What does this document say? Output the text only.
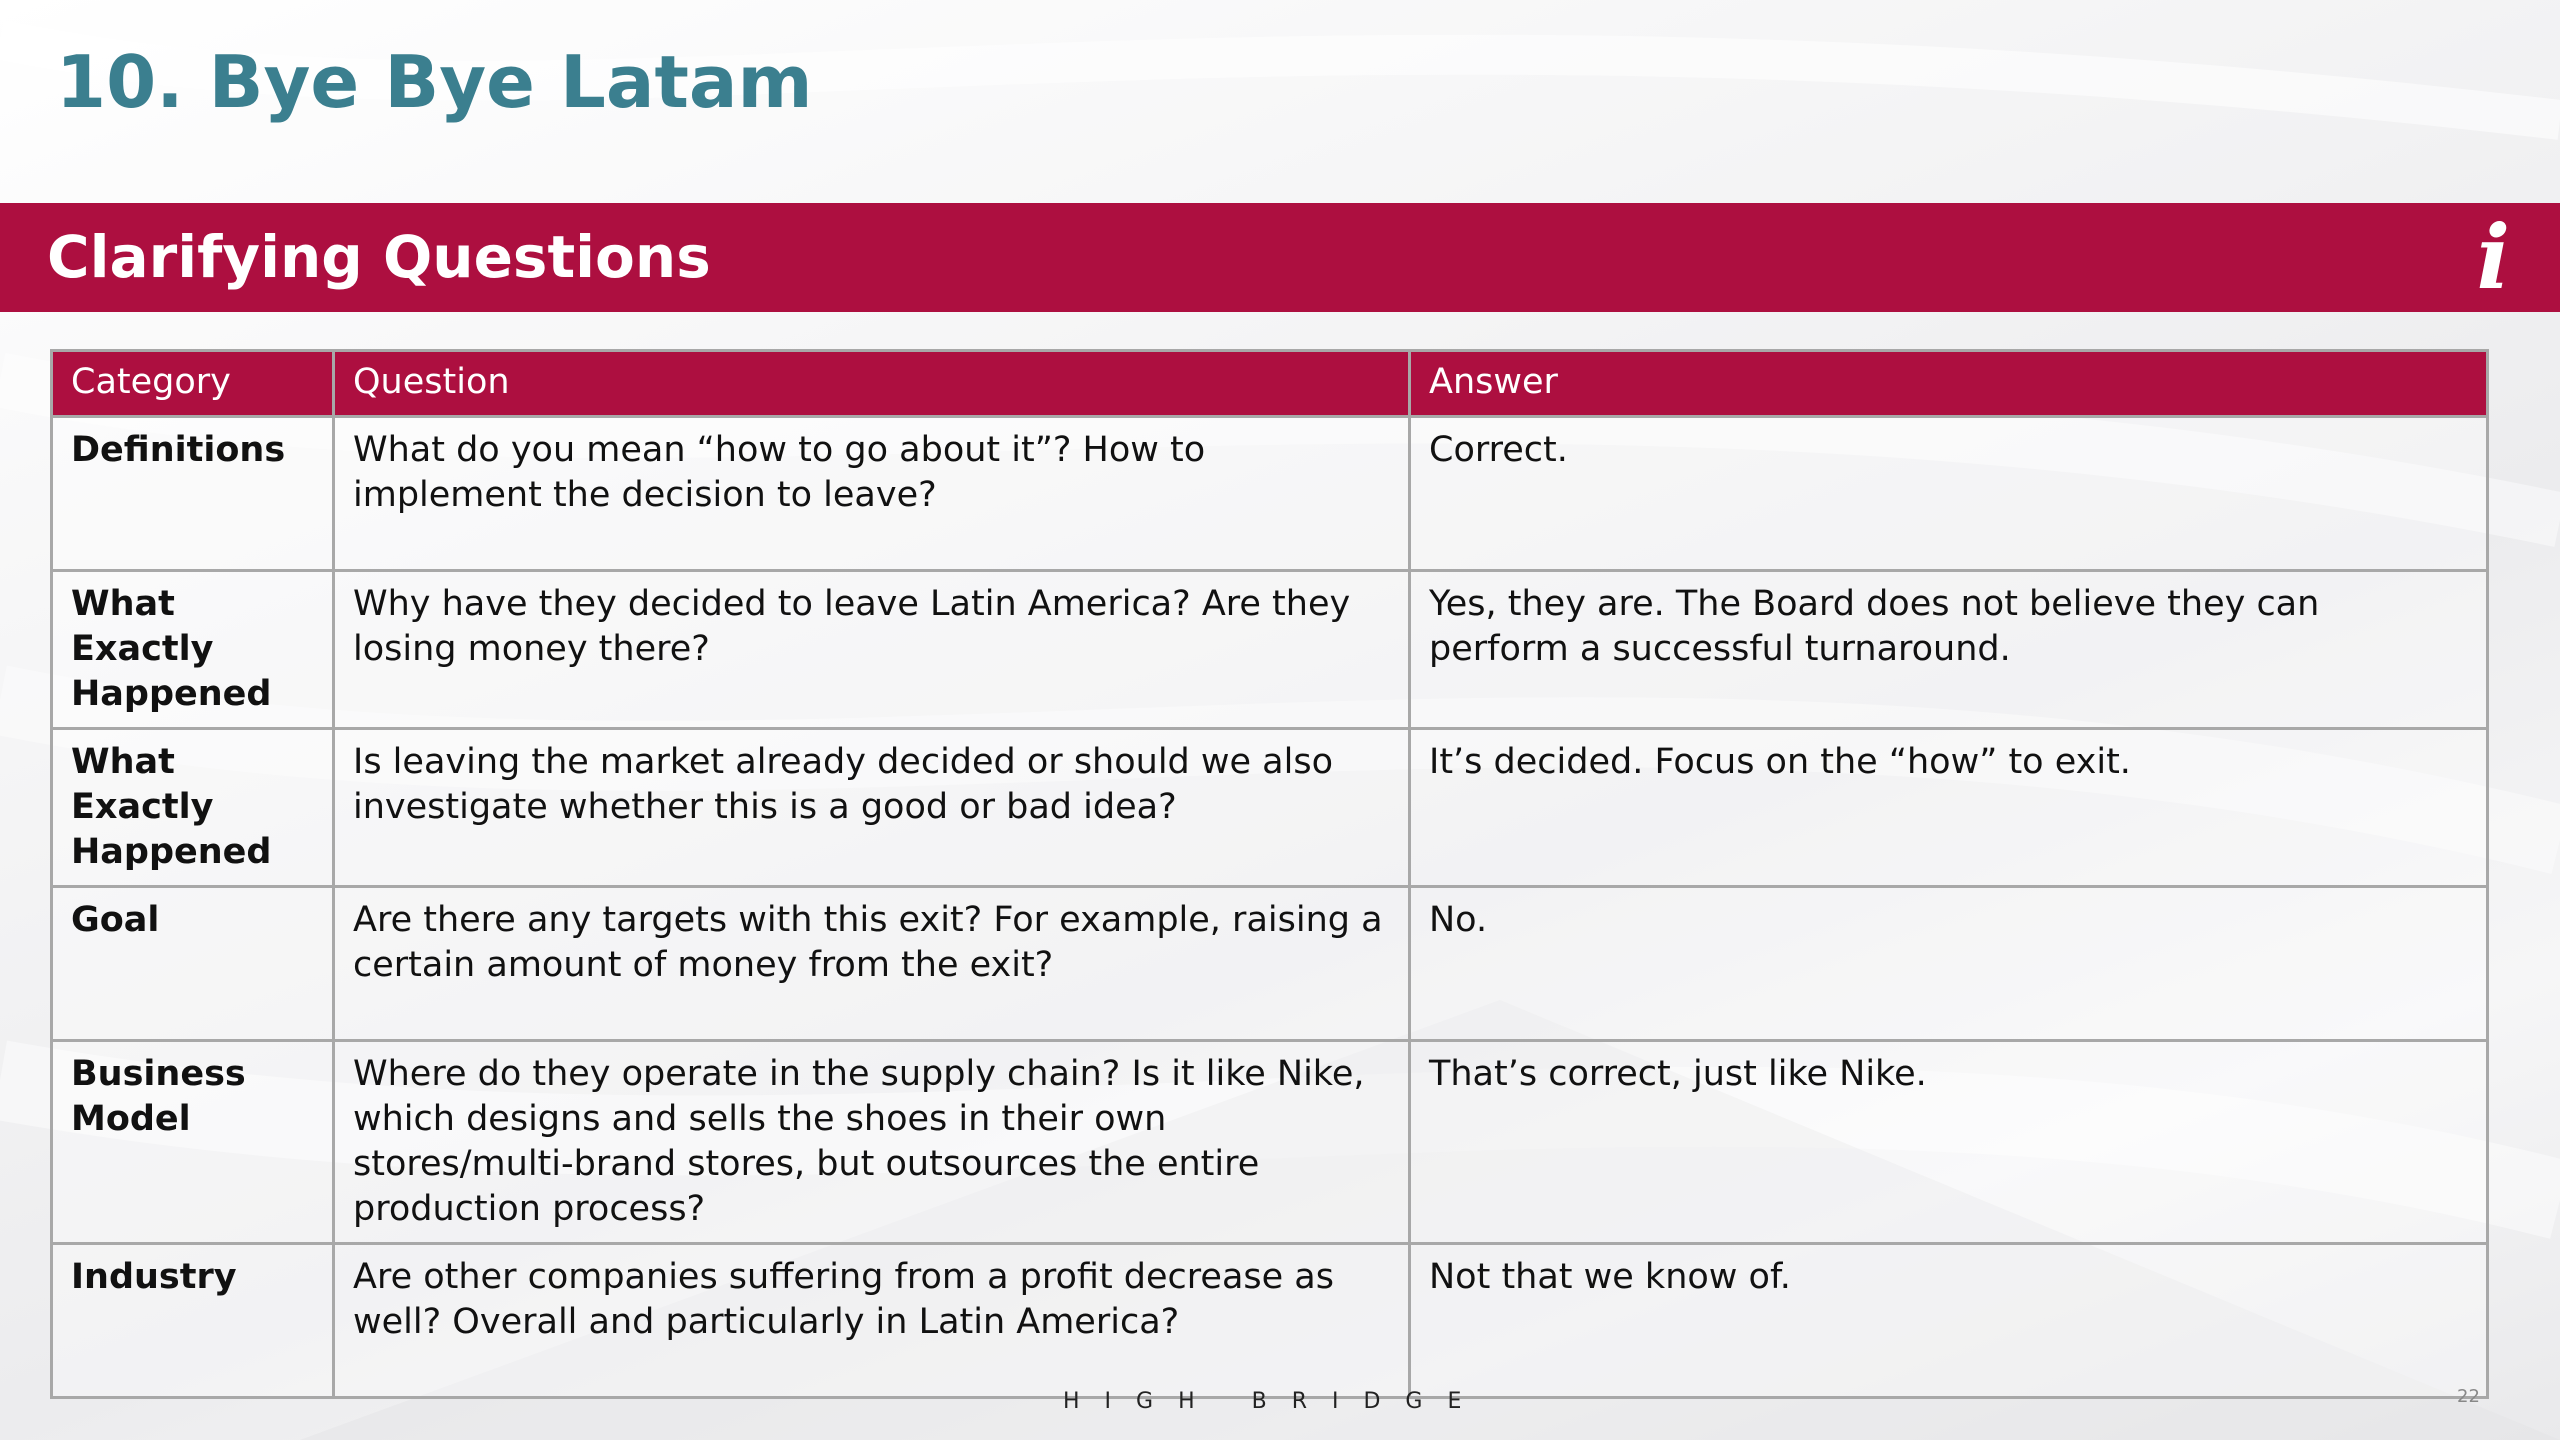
10. Bye Bye Latam
Clarifying Questions	i
Category	Question	Answer
Definitions	What do you mean “how to go about it”? How to implement the decision to leave?	Correct.
What Exactly Happened	Why have they decided to leave Latin America? Are they losing money there?	Yes, they are. The Board does not believe they can perform a successful turnaround.
What Exactly Happened	Is leaving the market already decided or should we also investigate whether this is a good or bad idea?	It’s decided. Focus on the “how” to exit.
Goal	Are there any targets with this exit? For example, raising a certain amount of money from the exit?	No.
Business Model	Where do they operate in the supply chain? Is it like Nike, which designs and sells the shoes in their own stores/multi-brand stores, but outsources the entire production process?	That’s correct, just like Nike.
Industry	Are other companies suffering from a profit decrease as well? Overall and particularly in Latin America?	Not that we know of.
HIGH BRIDGE	22
